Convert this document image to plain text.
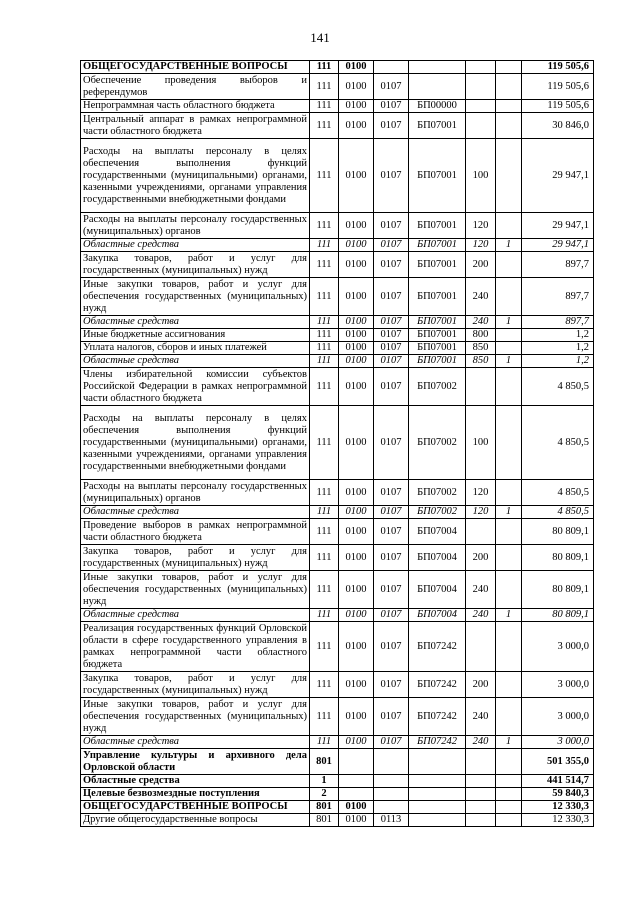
141
ОБЩЕГОСУДАРСТВЕННЫЕ ВОПРОСЫ	111	0100					119 505,6
Обеспечение проведения выборов и референдумов	111	0100	0107				119 505,6
Непрограммная часть областного бюджета	111	0100	0107	БП00000			119 505,6
Центральный аппарат в рамках непрограммной части областного бюджета	111	0100	0107	БП07001			30 846,0
Расходы на выплаты персоналу в целях обеспечения выполнения функций государственными (муниципальными) органами, казенными учреждениями, органами управления государственными внебюджетными фондами	111	0100	0107	БП07001	100		29 947,1
Расходы на выплаты персоналу государственных (муниципальных) органов	111	0100	0107	БП07001	120		29 947,1
Областные средства	111	0100	0107	БП07001	120	1	29 947,1
Закупка товаров, работ и услуг для государственных (муниципальных) нужд	111	0100	0107	БП07001	200		897,7
Иные закупки товаров, работ и услуг для обеспечения государственных (муниципальных) нужд	111	0100	0107	БП07001	240		897,7
Областные средства	111	0100	0107	БП07001	240	1	897,7
Иные бюджетные ассигнования	111	0100	0107	БП07001	800		1,2
Уплата налогов, сборов и иных платежей	111	0100	0107	БП07001	850		1,2
Областные средства	111	0100	0107	БП07001	850	1	1,2
Члены избирательной комиссии субъектов Российской Федерации в рамках непрограммной части областного бюджета	111	0100	0107	БП07002			4 850,5
Расходы на выплаты персоналу в целях обеспечения выполнения функций государственными (муниципальными) органами, казенными учреждениями, органами управления государственными внебюджетными фондами	111	0100	0107	БП07002	100		4 850,5
Расходы на выплаты персоналу государственных (муниципальных) органов	111	0100	0107	БП07002	120		4 850,5
Областные средства	111	0100	0107	БП07002	120	1	4 850,5
Проведение выборов в рамках непрограммной части областного бюджета	111	0100	0107	БП07004			80 809,1
Закупка товаров, работ и услуг для государственных (муниципальных) нужд	111	0100	0107	БП07004	200		80 809,1
Иные закупки товаров, работ и услуг для обеспечения государственных (муниципальных) нужд	111	0100	0107	БП07004	240		80 809,1
Областные средства	111	0100	0107	БП07004	240	1	80 809,1
Реализация государственных функций Орловской области в сфере государственного управления в рамках непрограммной части областного бюджета	111	0100	0107	БП07242			3 000,0
Закупка товаров, работ и услуг для государственных (муниципальных) нужд	111	0100	0107	БП07242	200		3 000,0
Иные закупки товаров, работ и услуг для обеспечения государственных (муниципальных) нужд	111	0100	0107	БП07242	240		3 000,0
Областные средства	111	0100	0107	БП07242	240	1	3 000,0
Управление культуры и архивного дела Орловской области	801						501 355,0
Областные средства	1						441 514,7
Целевые безвозмездные поступления	2						59 840,3
ОБЩЕГОСУДАРСТВЕННЫЕ ВОПРОСЫ	801	0100					12 330,3
Другие общегосударственные вопросы	801	0100	0113				12 330,3
